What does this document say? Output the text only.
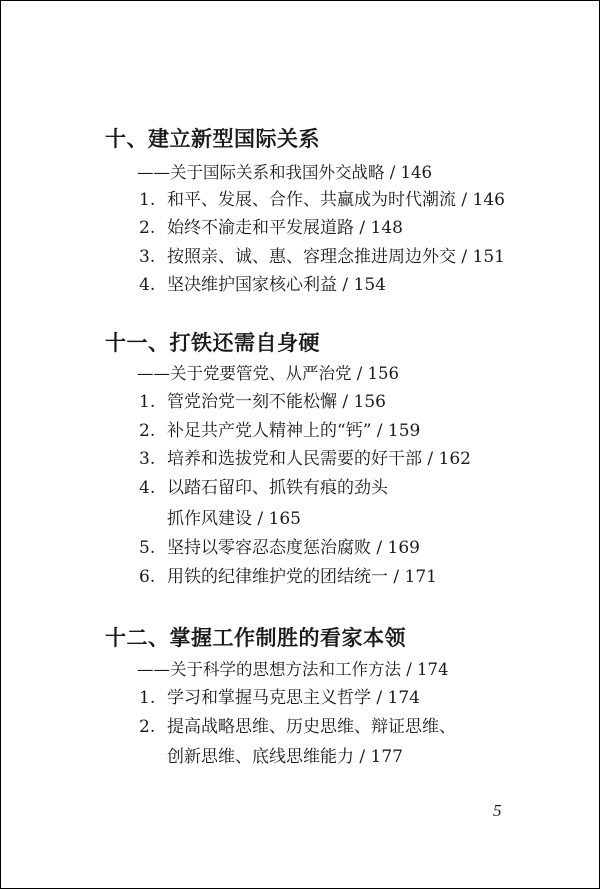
十、建立新型国际关系
——关于国际关系和我国外交战略 / 146
1. 和平、发展、合作、共赢成为时代潮流 / 146
2. 始终不渝走和平发展道路 / 148
3. 按照亲、诚、惠、容理念推进周边外交 / 151
4. 坚决维护国家核心利益 / 154
十一、打铁还需自身硬
——关于党要管党、从严治党 / 156
1. 管党治党一刻不能松懈 / 156
2. 补足共产党人精神上的“钙” / 159
3. 培养和选拔党和人民需要的好干部 / 162
4. 以踏石留印、抓铁有痕的劲头
抓作风建设 / 165
5. 坚持以零容忍态度惩治腐败 / 169
6. 用铁的纪律维护党的团结统一 / 171
十二、掌握工作制胜的看家本领
——关于科学的思想方法和工作方法 / 174
1. 学习和掌握马克思主义哲学 / 174
2. 提高战略思维、历史思维、辩证思维、
创新思维、底线思维能力 / 177
5
